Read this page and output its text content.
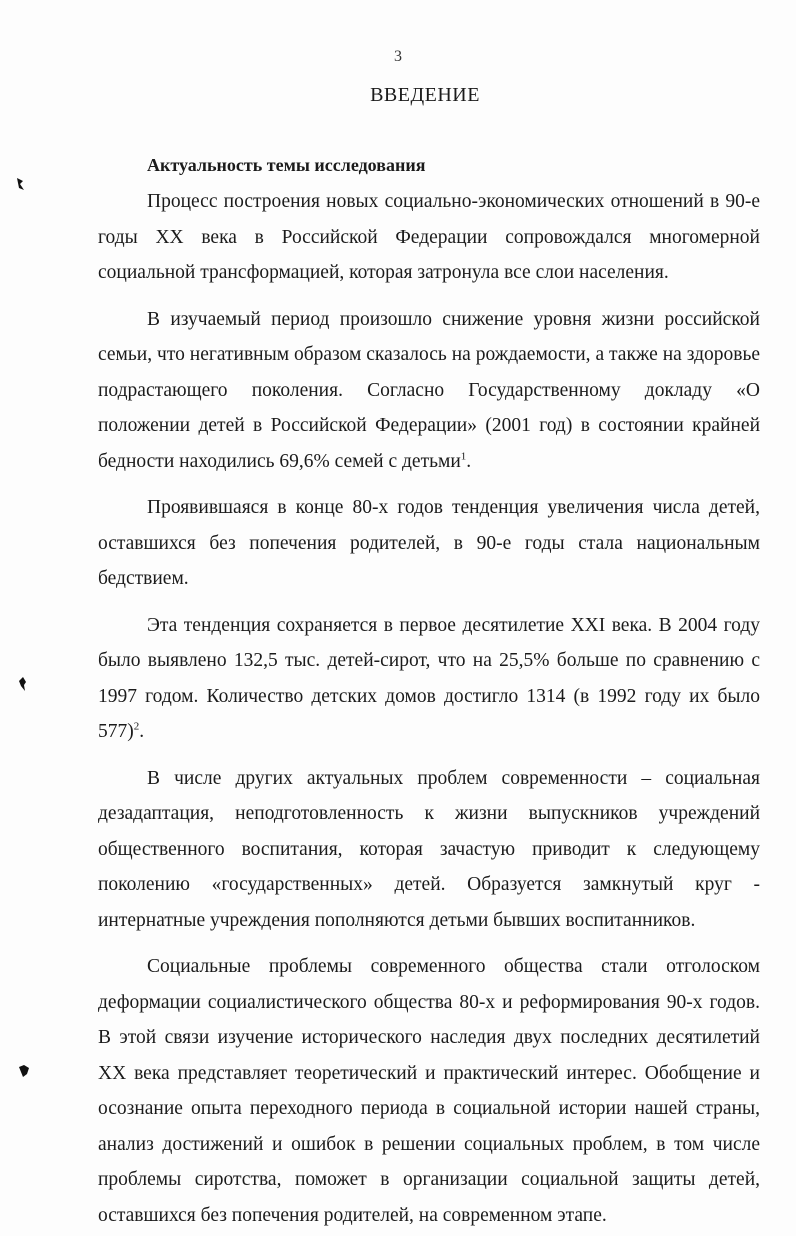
3
ВВЕДЕНИЕ
Актуальность темы исследования

Процесс построения новых социально-экономических отношений в 90-е годы XX века в Российской Федерации сопровождался многомерной социальной трансформацией, которая затронула все слои населения.

В изучаемый период произошло снижение уровня жизни российской семьи, что негативным образом сказалось на рождаемости, а также на здоровье подрастающего поколения. Согласно Государственному докладу «О положении детей в Российской Федерации» (2001 год) в состоянии крайней бедности находились 69,6% семей с детьми$^1$.

Проявившаяся в конце 80-х годов тенденция увеличения числа детей, оставшихся без попечения родителей, в 90-е годы стала национальным бедствием.

Эта тенденция сохраняется в первое десятилетие XXI века. В 2004 году было выявлено 132,5 тыс. детей-сирот, что на 25,5% больше по сравнению с 1997 годом. Количество детских домов достигло 1314 (в 1992 году их было 577)$^2$.

В числе других актуальных проблем современности – социальная дезадаптация, неподготовленность к жизни выпускников учреждений общественного воспитания, которая зачастую приводит к следующему поколению «государственных» детей. Образуется замкнутый круг - интернатные учреждения пополняются детьми бывших воспитанников.

Социальные проблемы современного общества стали отголоском деформации социалистического общества 80-х и реформирования 90-х годов. В этой связи изучение исторического наследия двух последних десятилетий XX века представляет теоретический и практический интерес. Обобщение и осознание опыта переходного периода в социальной истории нашей страны, анализ достижений и ошибок в решении социальных проблем, в том числе проблемы сиротства, поможет в организации социальной защиты детей, оставшихся без попечения родителей, на современном этапе.
